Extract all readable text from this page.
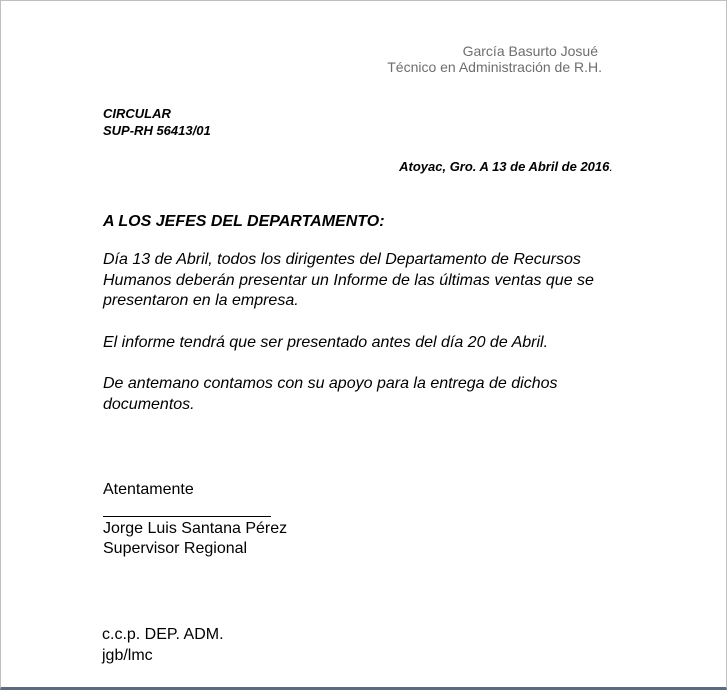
García Basurto Josué
Técnico en Administración de R.H.
CIRCULAR
SUP-RH 56413/01
Atoyac, Gro. A 13 de Abril de 2016.
A LOS JEFES DEL DEPARTAMENTO:

Día 13 de Abril, todos los dirigentes del Departamento de Recursos Humanos deberán presentar un Informe de las últimas ventas que se presentaron en la empresa.

El informe tendrá que ser presentado antes del día 20 de Abril.

De antemano contamos con su apoyo para la entrega de dichos documentos.

Atentamente
Jorge Luis Santana Pérez
Supervisor Regional
c.c.p. DEP. ADM.
jgb/lmc
